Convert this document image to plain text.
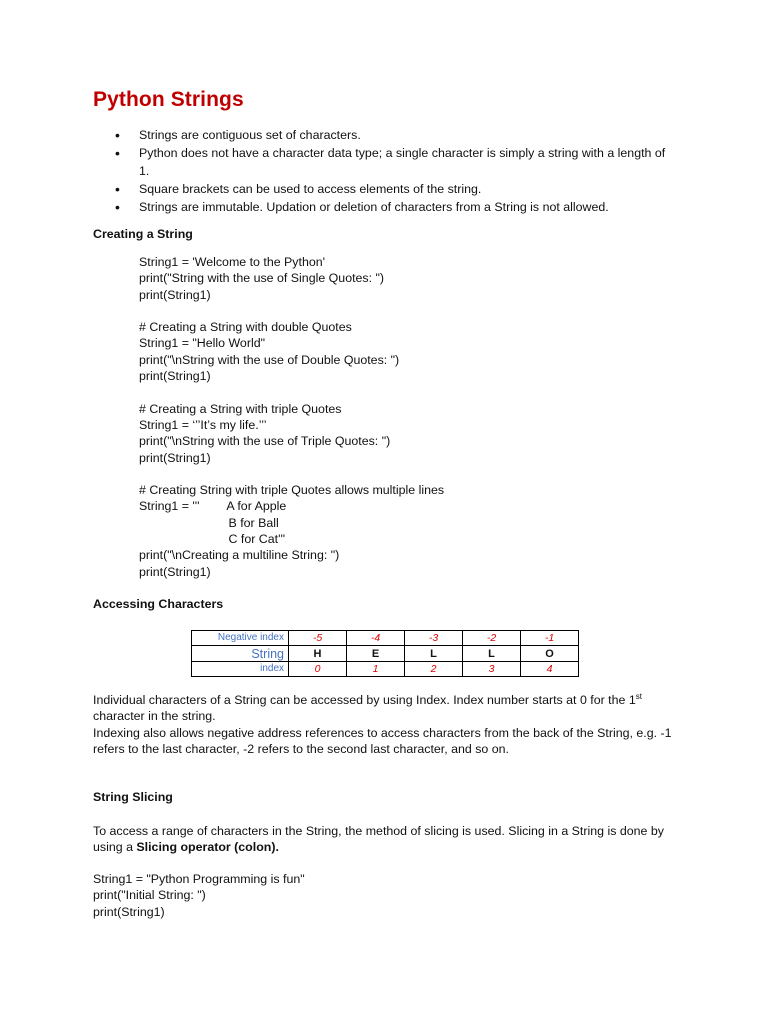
Python Strings
• Strings are contiguous set of characters.
• Python does not have a character data type; a single character is simply a string with a length of 1.
• Square brackets can be used to access elements of the string.
• Strings are immutable. Updation or deletion of characters from a String is not allowed.
Creating a String
String1 = 'Welcome to the Python'
print("String with the use of Single Quotes: ")
print(String1)
# Creating a String with double Quotes
String1 = "Hello World"
print("\nString with the use of Double Quotes: ")
print(String1)
# Creating a String with triple Quotes
String1 = ‘’’It’s my life.’’’
print("\nString with the use of Triple Quotes: ")
print(String1)
# Creating String with triple Quotes allows multiple lines
String1 = '''        A for Apple
B for Ball
C for Cat'''
print("\nCreating a multiline String: ")
print(String1)
Accessing Characters
Negative index	-5	-4	-3	-2	-1
String	H	E	L	L	O
index	0	1	2	3	4

Individual characters of a String can be accessed by using Index. Index number starts at 0 for the 1st character in the string.

Indexing also allows negative address references to access characters from the back of the String, e.g. -1 refers to the last character, -2 refers to the second last character, and so on.

String Slicing

To access a range of characters in the String, the method of slicing is used. Slicing in a String is done by using a Slicing operator (colon).

String1 = "Python Programming is fun"
print("Initial String: ")
print(String1)
